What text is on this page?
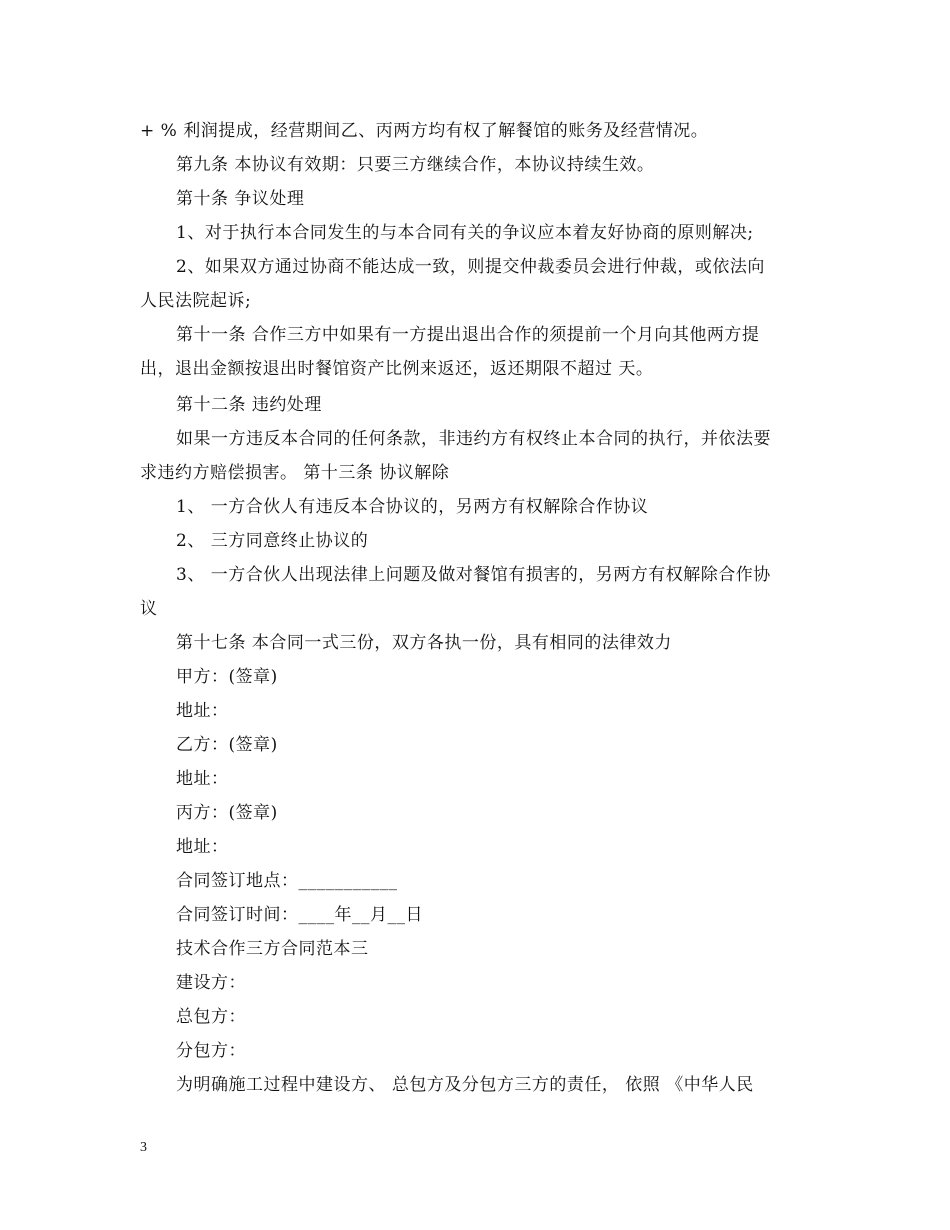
+ % 利润提成，经营期间乙、丙两方均有权了解餐馆的账务及经营情况。
第九条 本协议有效期：只要三方继续合作，本协议持续生效。
第十条 争议处理
1、对于执行本合同发生的与本合同有关的争议应本着友好协商的原则解决;
2、如果双方通过协商不能达成一致，则提交仲裁委员会进行仲裁，或依法向
人民法院起诉;
第十一条 合作三方中如果有一方提出退出合作的须提前一个月向其他两方提
出，退出金额按退出时餐馆资产比例来返还，返还期限不超过 天。
第十二条 违约处理
如果一方违反本合同的任何条款，非违约方有权终止本合同的执行，并依法要
求违约方赔偿损害。 第十三条 协议解除
1、 一方合伙人有违反本合协议的，另两方有权解除合作协议
2、 三方同意终止协议的
3、 一方合伙人出现法律上问题及做对餐馆有损害的，另两方有权解除合作协
议
第十七条 本合同一式三份，双方各执一份，具有相同的法律效力
甲方：(签章)
地址：
乙方：(签章)
地址：
丙方：(签章)
地址：
合同签订地点：___________
合同签订时间：____年__月__日
技术合作三方合同范本三
建设方：
总包方：
分包方：
为明确施工过程中建设方、 总包方及分包方三方的责任， 依照 《中华人民
3
